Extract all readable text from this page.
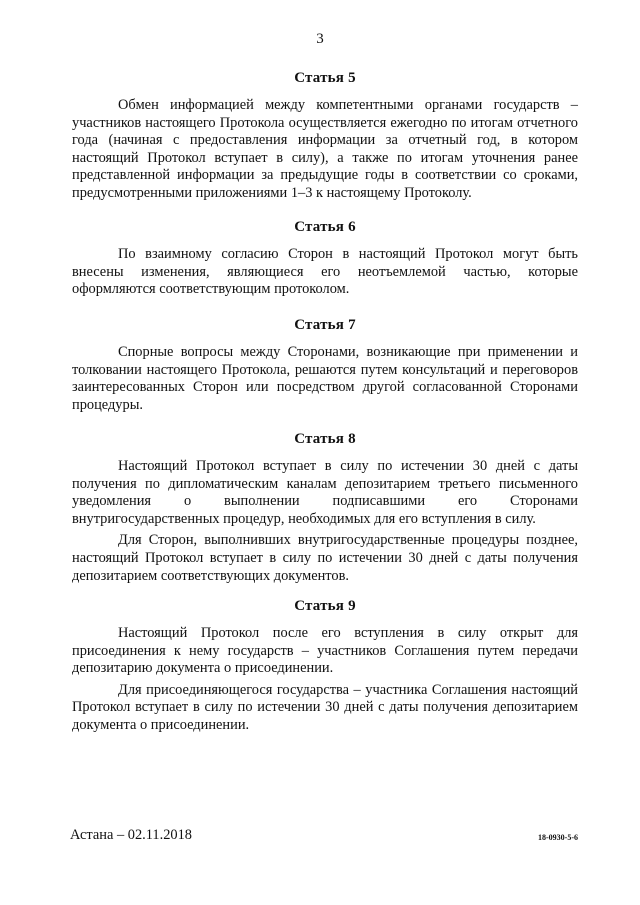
3
Статья 5

Обмен информацией между компетентными органами государств – участников настоящего Протокола осуществляется ежегодно по итогам отчетного года (начиная с предоставления информации за отчетный год, в котором настоящий Протокол вступает в силу), а также по итогам уточнения ранее представленной информации за предыдущие годы в соответствии со сроками, предусмотренными приложениями 1–3 к настоящему Протоколу.

Статья 6

По взаимному согласию Сторон в настоящий Протокол могут быть внесены изменения, являющиеся его неотъемлемой частью, которые оформляются соответствующим протоколом.

Статья 7

Спорные вопросы между Сторонами, возникающие при применении и толковании настоящего Протокола, решаются путем консультаций и переговоров заинтересованных Сторон или посредством другой согласованной Сторонами процедуры.

Статья 8

Настоящий Протокол вступает в силу по истечении 30 дней с даты получения по дипломатическим каналам депозитарием третьего письменного уведомления о выполнении подписавшими его Сторонами внутригосударственных процедур, необходимых для его вступления в силу.

Для Сторон, выполнивших внутригосударственные процедуры позднее, настоящий Протокол вступает в силу по истечении 30 дней с даты получения депозитарием соответствующих документов.

Статья 9

Настоящий Протокол после его вступления в силу открыт для присоединения к нему государств – участников Соглашения путем передачи депозитарию документа о присоединении.

Для присоединяющегося государства – участника Соглашения настоящий Протокол вступает в силу по истечении 30 дней с даты получения депозитарием документа о присоединении.

Астана – 02.11.2018	18-0930-5-6
